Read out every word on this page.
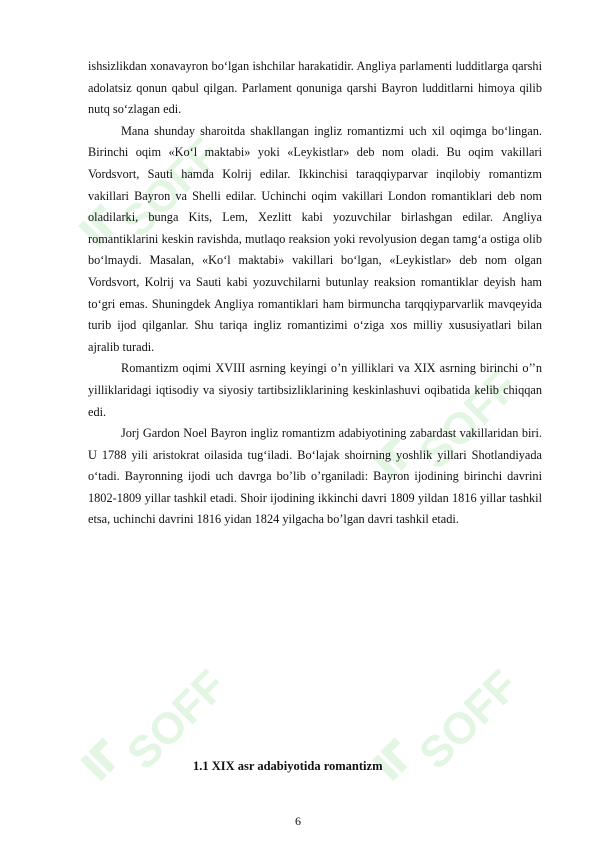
SOFF
SOFF
SOFF	SOFF

ishsizlikdan xonavayron bo‘lgan ishchilar harakatidir. Angliya parlamenti ludditlarga qarshi adolatsiz qonun qabul qilgan. Parlament qonuniga qarshi Bayron ludditlarni himoya qilib nutq so‘zlagan edi.

Mana shunday sharoitda shakllangan ingliz romantizmi uch xil oqimga bo‘lingan. Birinchi oqim «Ko‘l maktabi» yoki «Leykistlar» deb nom oladi. Bu oqim vakillari Vordsvort, Sauti hamda Kolrij edilar. Ikkinchisi taraqqiyparvar inqilobiy romantizm vakillari Bayron va Shelli edilar. Uchinchi oqim vakillari London romantiklari deb nom oladilarki, bunga Kits, Lem, Xezlitt kabi yozuvchilar birlashgan edilar. Angliya romantiklarini keskin ravishda, mutlaqo reaksion yoki revolyusion degan tamg‘a ostiga olib bo‘lmaydi. Masalan, «Ko‘l maktabi» vakillari bo‘lgan, «Leykistlar» deb nom olgan Vordsvort, Kolrij va Sauti kabi yozuvchilarni butunlay reaksion romantiklar deyish ham to‘gri emas. Shuningdek Angliya romantiklari ham birmuncha tarqqiyparvarlik mavqeyida turib ijod qilganlar. Shu tariqa ingliz romantizimi o‘ziga xos milliy xususiyatlari bilan ajralib turadi.

Romantizm oqimi XVIII asrning keyingi o’n yilliklari va XIX asrning birinchi o’’n yilliklaridagi iqtisodiy va siyosiy tartibsizliklarining keskinlashuvi oqibatida kelib chiqqan edi.

Jorj Gardon Noel Bayron ingliz romantizm adabiyotining zabardast vakillaridan biri. U 1788 yili aristokrat oilasida tug‘iladi. Bo‘lajak shoirning yoshlik yillari Shotlandiyada o‘tadi. Bayronning ijodi uch davrga bo’lib o’rganiladi: Bayron ijodining birinchi davrini 1802-1809 yillar tashkil etadi. Shoir ijodining ikkinchi davri 1809 yildan 1816 yillar tashkil etsa, uchinchi davrini 1816 yidan 1824 yilgacha bo’lgan davri tashkil etadi.

1.1 XIX asr adabiyotida romantizm
6
